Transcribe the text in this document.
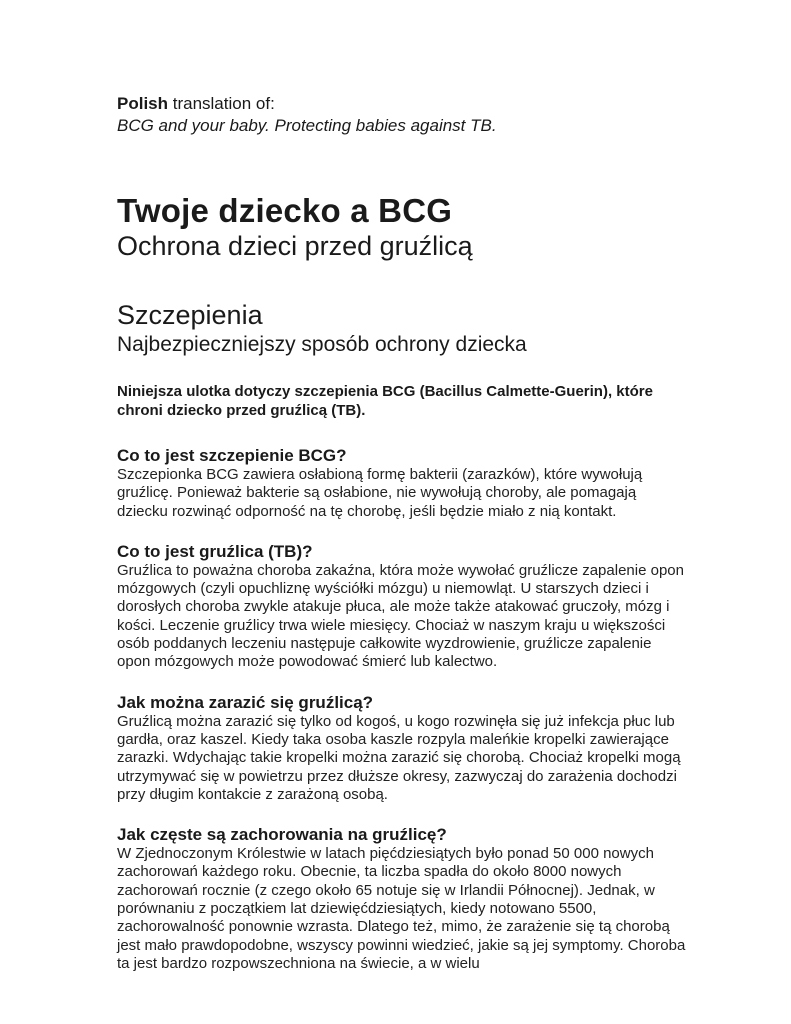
Polish translation of:

BCG and your baby. Protecting babies against TB.

Twoje dziecko a BCG
Ochrona dzieci przed gruźlicą
Szczepienia
Najbezpieczniejszy sposób ochrony dziecka

Niniejsza ulotka dotyczy szczepienia BCG (Bacillus Calmette-Guerin), które chroni dziecko przed gruźlicą (TB).

Co to jest szczepienie BCG?

Szczepionka BCG zawiera osłabioną formę bakterii (zarazków), które wywołują gruźlicę. Ponieważ bakterie są osłabione, nie wywołują choroby, ale pomagają dziecku rozwinąć odporność na tę chorobę, jeśli będzie miało z nią kontakt.

Co to jest gruźlica (TB)?

Gruźlica to poważna choroba zakaźna, która może wywołać gruźlicze zapalenie opon mózgowych (czyli opuchliznę wyściółki mózgu) u niemowląt. U starszych dzieci i dorosłych choroba zwykle atakuje płuca, ale może także atakować gruczoły, mózg i kości. Leczenie gruźlicy trwa wiele miesięcy. Chociaż w naszym kraju u większości osób poddanych leczeniu następuje całkowite wyzdrowienie, gruźlicze zapalenie opon mózgowych może powodować śmierć lub kalectwo.

Jak można zarazić się gruźlicą?

Gruźlicą można zarazić się tylko od kogoś, u kogo rozwinęła się już infekcja płuc lub gardła, oraz kaszel. Kiedy taka osoba kaszle rozpyla maleńkie kropelki zawierające zarazki. Wdychając takie kropelki można zarazić się chorobą. Chociaż kropelki mogą utrzymywać się w powietrzu przez dłuższe okresy, zazwyczaj do zarażenia dochodzi przy długim kontakcie z zarażoną osobą.

Jak częste są zachorowania na gruźlicę?

W Zjednoczonym Królestwie w latach pięćdziesiątych było ponad 50 000 nowych zachorowań każdego roku. Obecnie, ta liczba spadła do około 8000 nowych zachorowań rocznie (z czego około 65 notuje się w Irlandii Północnej). Jednak, w porównaniu z początkiem lat dziewięćdziesiątych, kiedy notowano 5500, zachorowalność ponownie wzrasta. Dlatego też, mimo, że zarażenie się tą chorobą jest mało prawdopodobne, wszyscy powinni wiedzieć, jakie są jej symptomy. Choroba ta jest bardzo rozpowszechniona na świecie, a w wielu
